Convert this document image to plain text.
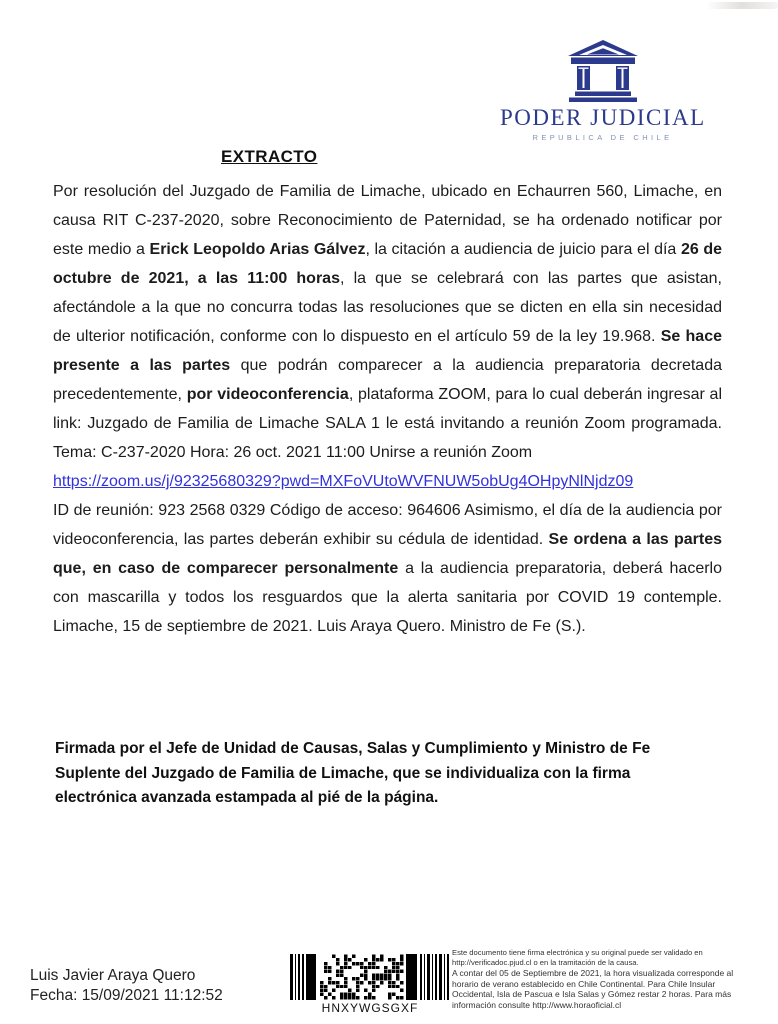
PODER JUDICIAL
REPUBLICA DE CHILE
EXTRACTO

Por resolución del Juzgado de Familia de Limache, ubicado en Echaurren 560, Limache, en causa RIT C-237-2020, sobre Reconocimiento de Paternidad, se ha ordenado notificar por este medio a Erick Leopoldo Arias Gálvez, la citación a audiencia de juicio para el día 26 de octubre de 2021, a las 11:00 horas, la que se celebrará con las partes que asistan, afectándole a la que no concurra todas las resoluciones que se dicten en ella sin necesidad de ulterior notificación, conforme con lo dispuesto en el artículo 59 de la ley 19.968. Se hace presente a las partes que podrán comparecer a la audiencia preparatoria decretada precedentemente, por videoconferencia, plataforma ZOOM, para lo cual deberán ingresar al link: Juzgado de Familia de Limache SALA 1 le está invitando a reunión Zoom programada. Tema: C-237-2020 Hora: 26 oct. 2021 11:00 Unirse a reunión Zoom
https://zoom.us/j/92325680329?pwd=MXFoVUtoWVFNUW5obUg4OHpyNlNjdz09
ID de reunión: 923 2568 0329 Código de acceso: 964606 Asimismo, el día de la audiencia por videoconferencia, las partes deberán exhibir su cédula de identidad. Se ordena a las partes que, en caso de comparecer personalmente a la audiencia preparatoria, deberá hacerlo con mascarilla y todos los resguardos que la alerta sanitaria por COVID 19 contemple. Limache, 15 de septiembre de 2021. Luis Araya Quero. Ministro de Fe (S.).

Firmada por el Jefe de Unidad de Causas, Salas y Cumplimiento y Ministro de Fe Suplente del Juzgado de Familia de Limache, que se individualiza con la firma electrónica avanzada estampada al pié de la página.

Luis Javier Araya Quero
Fecha: 15/09/2021 11:12:52
HNXYWGSGXF
Este documento tiene firma electrónica y su original puede ser validado en
http://verificadoc.pjud.cl o en la tramitación de la causa.
A contar del 05 de Septiembre de 2021, la hora visualizada corresponde al
horario de verano establecido en Chile Continental. Para Chile Insular
Occidental, Isla de Pascua e Isla Salas y Gómez restar 2 horas. Para más
información consulte http://www.horaoficial.cl
